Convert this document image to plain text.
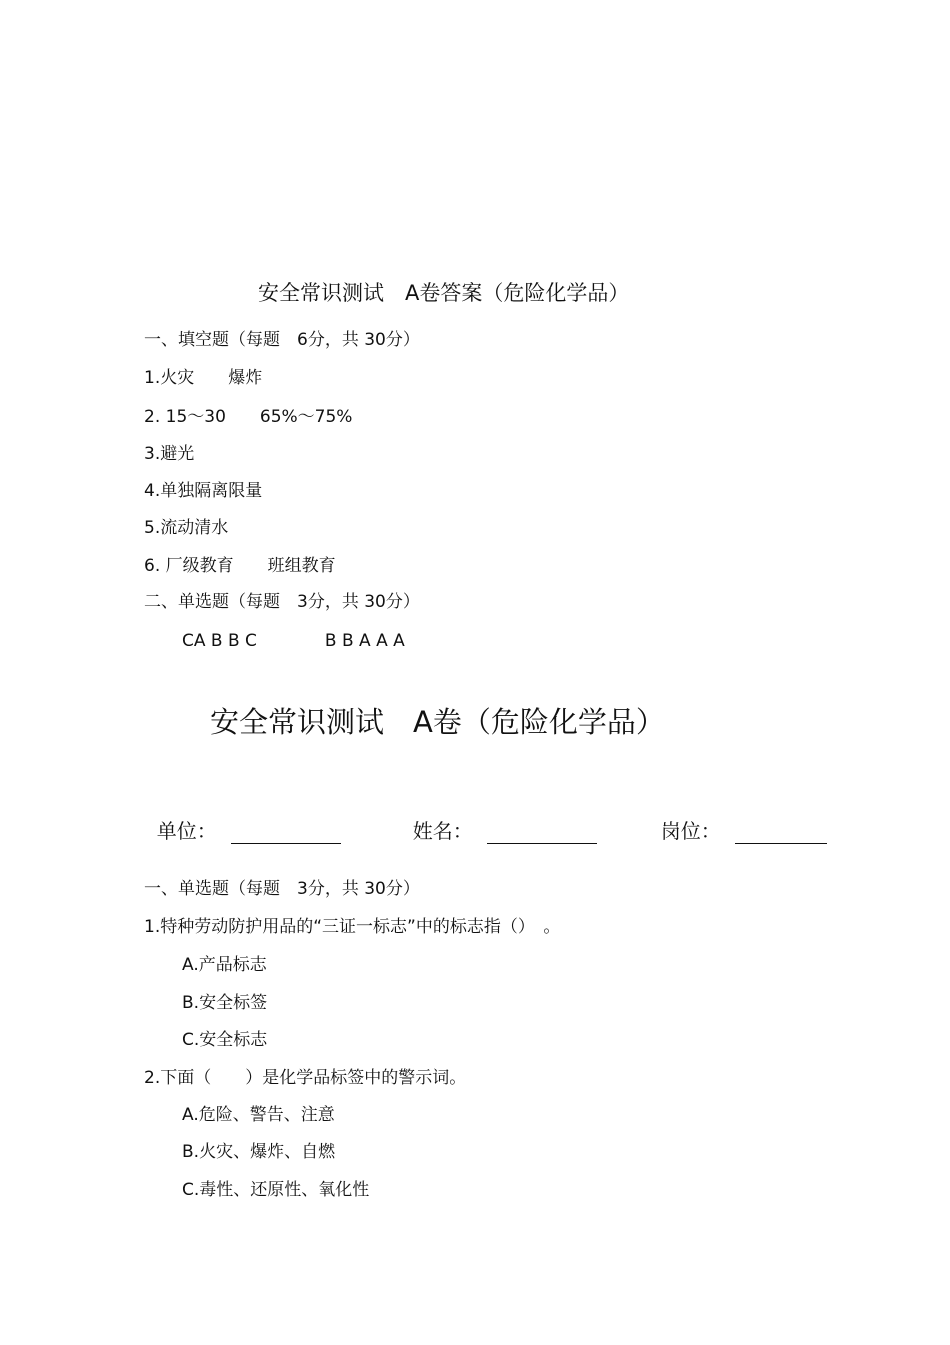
安全常识测试　A卷答案（危险化学品）
一、填空题（每题　6分，共 30分）
1.火灾　　爆炸
2. 15～30　　65%～75%
3.避光
4.单独隔离限量
5.流动清水
6. 厂级教育　　班组教育
二、单选题（每题　3分，共 30分）
CA B B C　　　　B B A A A
安全常识测试　A卷（危险化学品）

单位：	姓名：	岗位：

一、单选题（每题　3分，共 30分）
1.特种劳动防护用品的“三证一标志”中的标志指（）　。
A.产品标志
B.安全标签
C.安全标志
2.下面（　　）是化学品标签中的警示词。
A.危险、警告、注意
B.火灾、爆炸、自燃
C.毒性、还原性、氧化性
